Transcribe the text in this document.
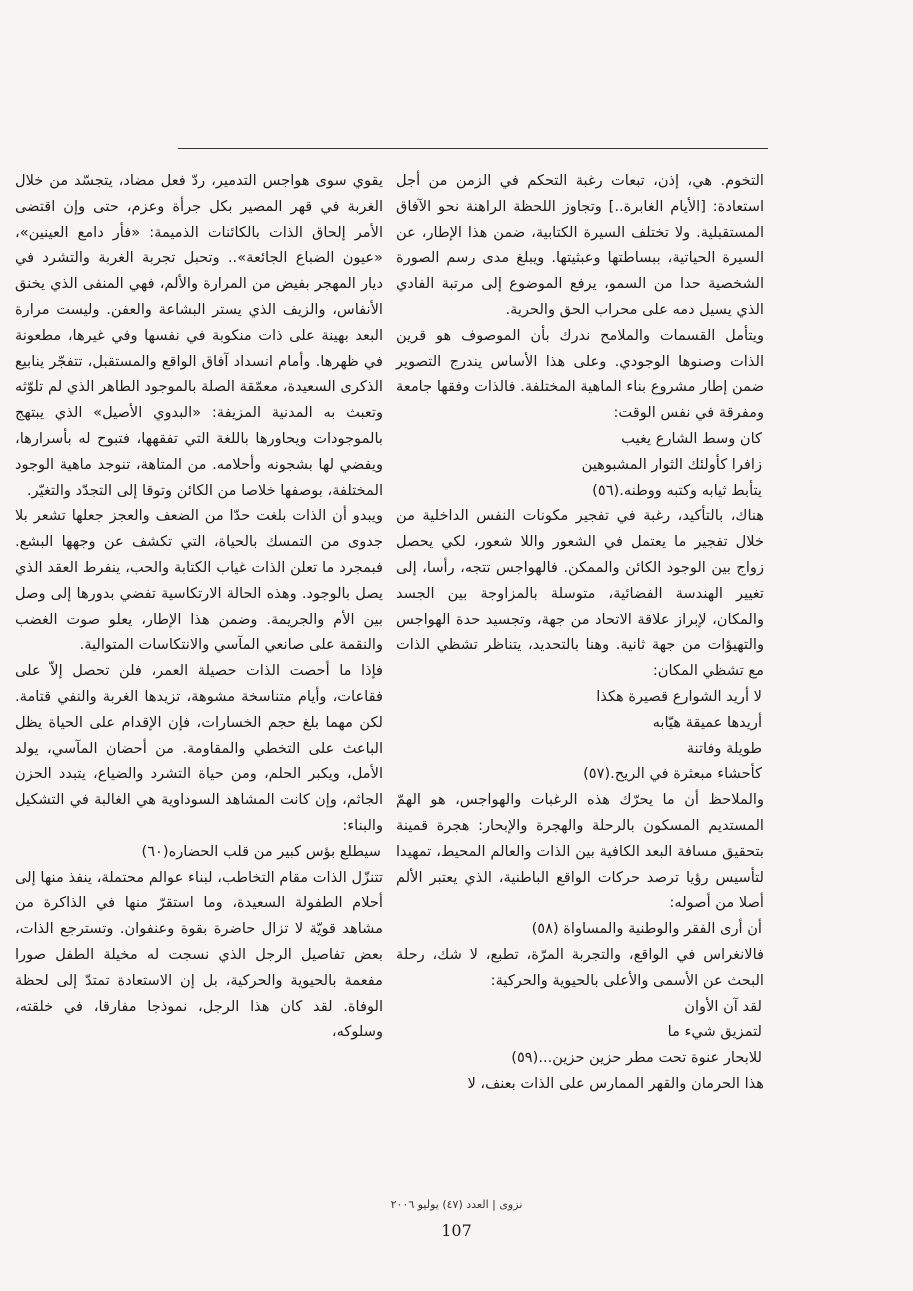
التخوم. هي، إذن، تبعات رغبة التحكم في الزمن من أجل استعادة: [الأيام الغابرة..] وتجاوز اللحظة الراهنة نحو الآفاق المستقبلية. ولا تختلف السيرة الكتابية، ضمن هذا الإطار، عن السيرة الحياتية، ببساطتها وعبثيتها. ويبلغ مدى رسم الصورة الشخصية حدا من السمو، يرفع الموضوع إلى مرتبة الفادي الذي يسيل دمه على محراب الحق والحرية.

ويتأمل القسمات والملامح ندرك بأن الموصوف هو قرين الذات وصنوها الوجودي. وعلى هذا الأساس يندرج التصوير ضمن إطار مشروع بناء الماهية المختلفة. فالذات وفقها جامعة ومفرقة في نفس الوقت:

كان وسط الشارع يغيب

زافرا كأولئك الثوار المشبوهين

يتأبط ثيابه وكتبه ووطنه.(٥٦)

هناك، بالتأكيد، رغبة في تفجير مكونات النفس الداخلية من خلال تفجير ما يعتمل في الشعور واللا شعور، لكي يحصل زواج بين الوجود الكائن والممكن. فالهواجس تتجه، رأسا، إلى تغيير الهندسة الفضائية، متوسلة بالمزاوجة بين الجسد والمكان، لإبراز علاقة الاتحاد من جهة، وتجسيد حدة الهواجس والتهيؤات من جهة ثانية. وهنا بالتحديد، يتناظر تشظي الذات مع تشظي المكان:

لا أريد الشوارع قصيرة هكذا

أريدها عميقة هيّابه

طويلة وفاتنة

كأحشاء مبعثرة في الريح.(٥٧)

والملاحظ أن ما يحرّك هذه الرغبات والهواجس، هو الهمّ المستديم المسكون بالرحلة والهجرة والإبحار: هجرة قمينة بتحقيق مسافة البعد الكافية بين الذات والعالم المحيط، تمهيدا لتأسيس رؤيا ترصد حركات الواقع الباطنية، الذي يعتبر الألم أصلا من أصوله:

أن أرى الفقر والوطنية والمساواة (٥٨)

فالانغراس في الواقع، والتجربة المرّة، تطبع، لا شك، رحلة البحث عن الأسمى والأعلى بالحيوية والحركية:

لقد آن الأوان

لتمزيق شيء ما

للابحار عنوة تحت مطر حزين حزين...(٥٩)

هذا الحرمان والقهر الممارس على الذات بعنف، لا

يقوي سوى هواجس التدمير، ردّ فعل مضاد، يتجسّد من خلال الغربة في قهر المصير بكل جرأة وعزم، حتى وإن اقتضى الأمر إلحاق الذات بالكائنات الذميمة: «فأر دامع العينين»، «عيون الضباع الجائعة».. وتحبل تجربة الغربة والتشرد في ديار المهجر بفيض من المرارة والألم، فهي المنفى الذي يخنق الأنفاس، والزيف الذي يستر البشاعة والعفن. وليست مرارة البعد بهينة على ذات منكوبة في نفسها وفي غيرها، مطعونة في ظهرها. وأمام انسداد آفاق الواقع والمستقبل، تتفجّر ينابيع الذكرى السعيدة، معمّقة الصلة بالموجود الطاهر الذي لم تلوّثه وتعبث به المدنية المزيفة: «البدوي الأصيل» الذي يبتهج بالموجودات ويحاورها باللغة التي تفقهها، فتبوح له بأسرارها، ويفضي لها بشجونه وأحلامه. من المتاهة، تنوجد ماهية الوجود المختلفة، بوصفها خلاصا من الكائن وتوقا إلى التجدّد والتغيّر.

ويبدو أن الذات بلغت حدّا من الضعف والعجز جعلها تشعر بلا جدوى من التمسك بالحياة، التي تكشف عن وجهها البشع. فبمجرد ما تعلن الذات غياب الكتابة والحب، ينفرط العقد الذي يصل بالوجود. وهذه الحالة الارتكاسية تفضي بدورها إلى وصل بين الأم والجريمة. وضمن هذا الإطار، يعلو صوت الغضب والنقمة على صانعي المآسي والانتكاسات المتوالية.

فإذا ما أحصت الذات حصيلة العمر، فلن تحصل إلاّ على فقاعات، وأيام متناسخة مشوهة، تزيدها الغربة والنفي قتامة. لكن مهما بلغ حجم الخسارات، فإن الإقدام على الحياة يظل الباعث على التخطي والمقاومة. من أحضان المآسي، يولد الأمل، ويكبر الحلم، ومن حياة التشرد والضياع، يتبدد الحزن الجاثم، وإن كانت المشاهد السوداوية هي الغالبة في التشكيل والبناء:

سيطلع بؤس كبير من قلب الحضاره(٦٠)

تتنزّل الذات مقام التخاطب، لبناء عوالم محتملة، ينفذ منها إلى أحلام الطفولة السعيدة، وما استقرّ منها في الذاكرة من مشاهد قويّة لا تزال حاضرة بقوة وعنفوان. وتسترجع الذات، بعض تفاصيل الرجل الذي نسجت له مخيلة الطفل صورا مفعمة بالحيوية والحركية، بل إن الاستعادة تمتدّ إلى لحظة الوفاة. لقد كان هذا الرجل، نموذجا مفارقا، في خلقته، وسلوكه،

نزوى | العدد (٤٧) يوليو ٢٠٠٦
107
